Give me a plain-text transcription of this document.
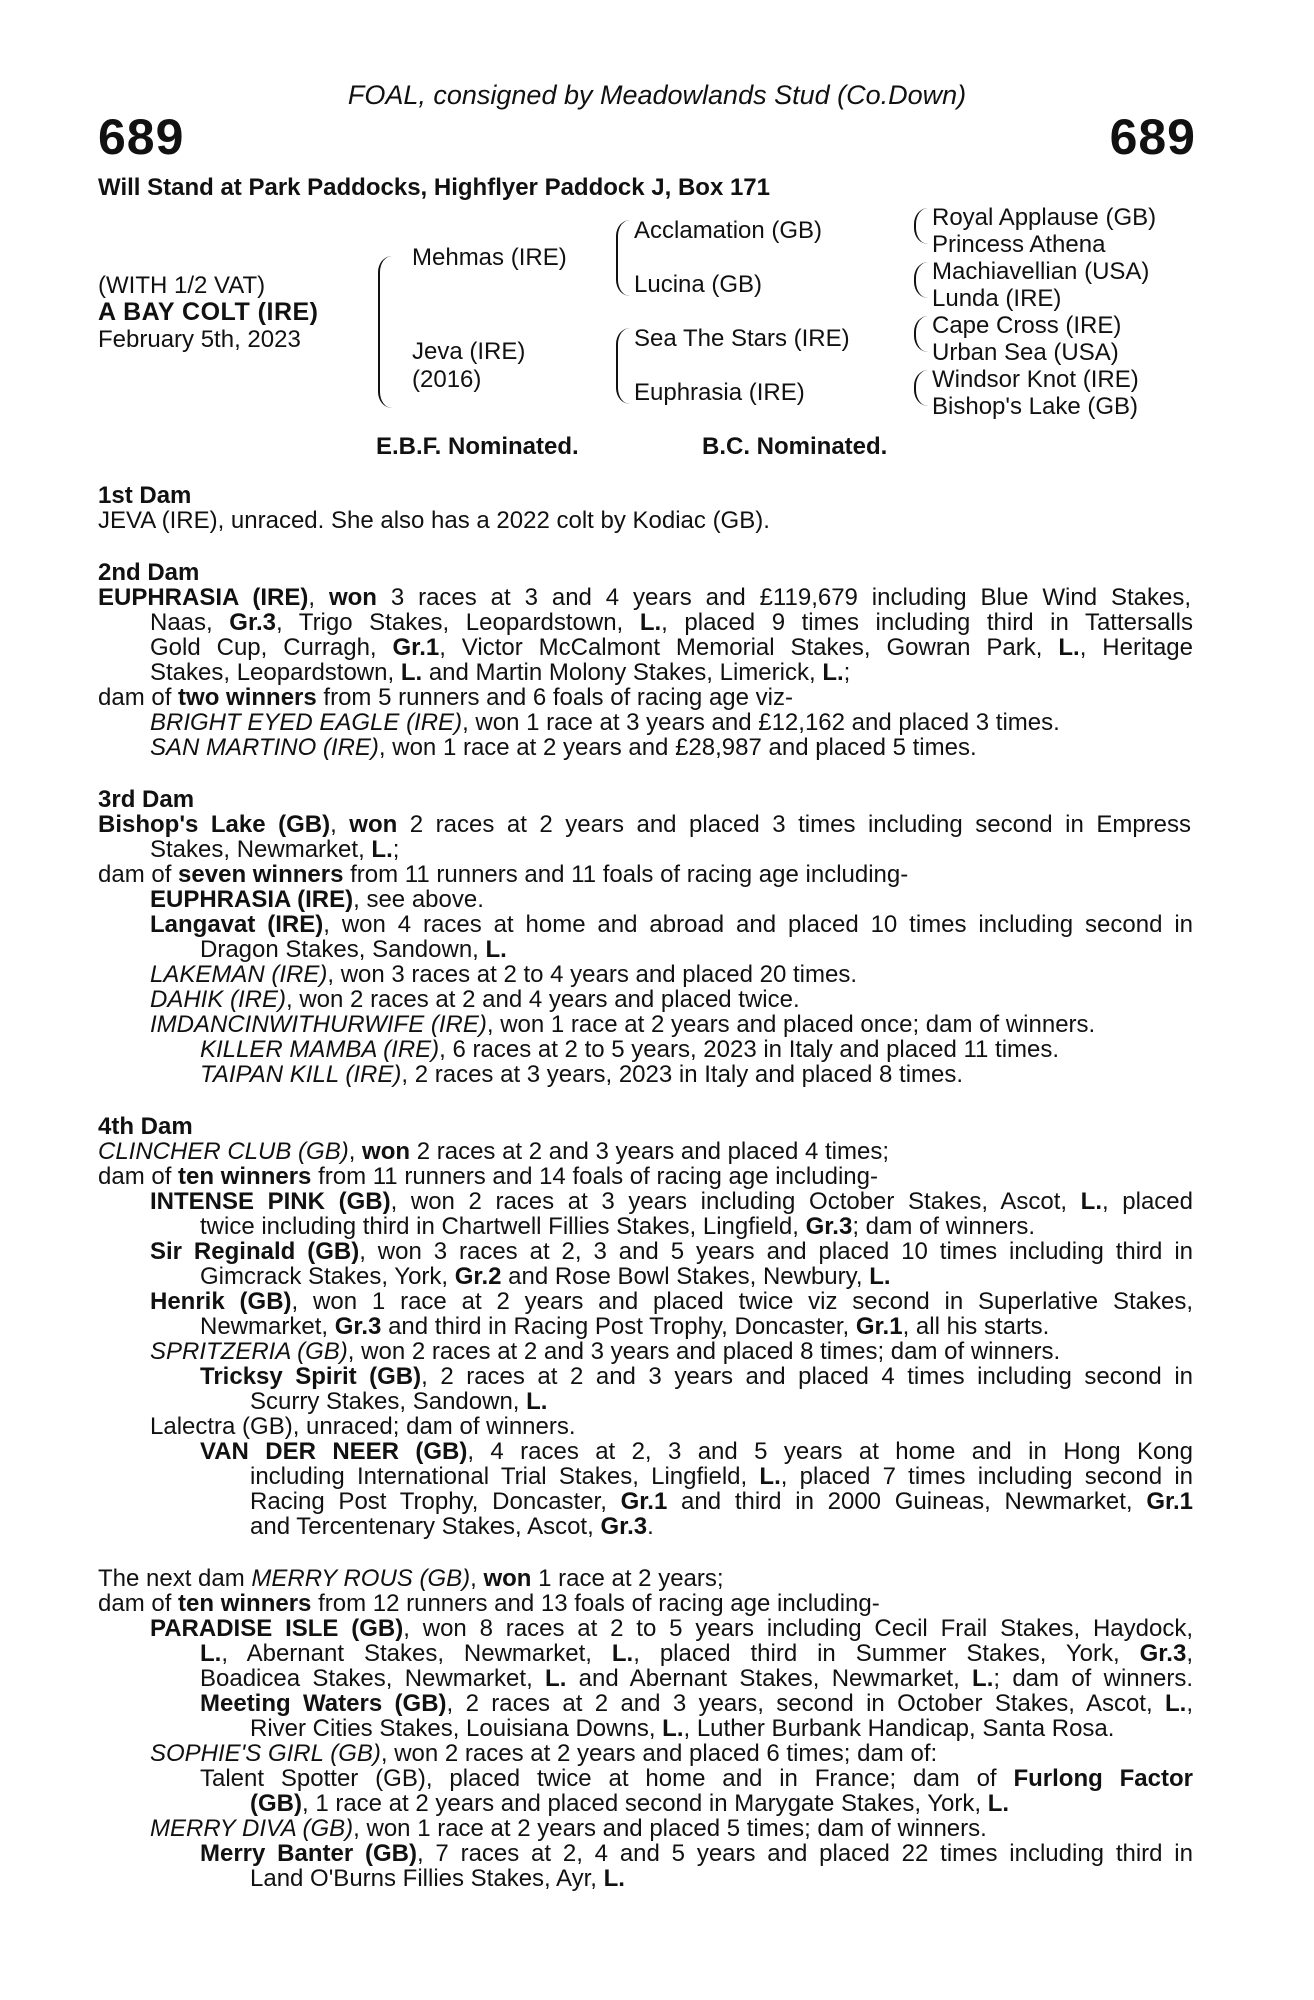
FOAL, consigned by Meadowlands Stud (Co.Down)
689	689
Will Stand at Park Paddocks, Highflyer Paddock J, Box 171
(WITH 1/2 VAT)
A BAY COLT (IRE)
February 5th, 2023
Mehmas (IRE)
Jeva (IRE)
(2016)
Acclamation (GB)
Lucina (GB)
Sea The Stars (IRE)
Euphrasia (IRE)
Royal Applause (GB)
Princess Athena
Machiavellian (USA)
Lunda (IRE)
Cape Cross (IRE)
Urban Sea (USA)
Windsor Knot (IRE)
Bishop's Lake (GB)
E.B.F. Nominated.	B.C. Nominated.
1st Dam
JEVA (IRE), unraced. She also has a 2022 colt by Kodiac (GB).
2nd Dam
EUPHRASIA (IRE), won 3 races at 3 and 4 years and £119,679 including Blue Wind Stakes,
Naas, Gr.3, Trigo Stakes, Leopardstown, L., placed 9 times including third in Tattersalls
Gold Cup, Curragh, Gr.1, Victor McCalmont Memorial Stakes, Gowran Park, L., Heritage
Stakes, Leopardstown, L. and Martin Molony Stakes, Limerick, L.;
dam of two winners from 5 runners and 6 foals of racing age viz-
BRIGHT EYED EAGLE (IRE), won 1 race at 3 years and £12,162 and placed 3 times.
SAN MARTINO (IRE), won 1 race at 2 years and £28,987 and placed 5 times.
3rd Dam
Bishop's Lake (GB), won 2 races at 2 years and placed 3 times including second in Empress
Stakes, Newmarket, L.;
dam of seven winners from 11 runners and 11 foals of racing age including-
EUPHRASIA (IRE), see above.
Langavat (IRE), won 4 races at home and abroad and placed 10 times including second in
Dragon Stakes, Sandown, L.
LAKEMAN (IRE), won 3 races at 2 to 4 years and placed 20 times.
DAHIK (IRE), won 2 races at 2 and 4 years and placed twice.
IMDANCINWITHURWIFE (IRE), won 1 race at 2 years and placed once; dam of winners.
KILLER MAMBA (IRE), 6 races at 2 to 5 years, 2023 in Italy and placed 11 times.
TAIPAN KILL (IRE), 2 races at 3 years, 2023 in Italy and placed 8 times.
4th Dam
CLINCHER CLUB (GB), won 2 races at 2 and 3 years and placed 4 times;
dam of ten winners from 11 runners and 14 foals of racing age including-
INTENSE PINK (GB), won 2 races at 3 years including October Stakes, Ascot, L., placed
twice including third in Chartwell Fillies Stakes, Lingfield, Gr.3; dam of winners.
Sir Reginald (GB), won 3 races at 2, 3 and 5 years and placed 10 times including third in
Gimcrack Stakes, York, Gr.2 and Rose Bowl Stakes, Newbury, L.
Henrik (GB), won 1 race at 2 years and placed twice viz second in Superlative Stakes,
Newmarket, Gr.3 and third in Racing Post Trophy, Doncaster, Gr.1, all his starts.
SPRITZERIA (GB), won 2 races at 2 and 3 years and placed 8 times; dam of winners.
Tricksy Spirit (GB), 2 races at 2 and 3 years and placed 4 times including second in
Scurry Stakes, Sandown, L.
Lalectra (GB), unraced; dam of winners.
VAN DER NEER (GB), 4 races at 2, 3 and 5 years at home and in Hong Kong
including International Trial Stakes, Lingfield, L., placed 7 times including second in
Racing Post Trophy, Doncaster, Gr.1 and third in 2000 Guineas, Newmarket, Gr.1
and Tercentenary Stakes, Ascot, Gr.3.
The next dam MERRY ROUS (GB), won 1 race at 2 years;
dam of ten winners from 12 runners and 13 foals of racing age including-
PARADISE ISLE (GB), won 8 races at 2 to 5 years including Cecil Frail Stakes, Haydock,
L., Abernant Stakes, Newmarket, L., placed third in Summer Stakes, York, Gr.3,
Boadicea Stakes, Newmarket, L. and Abernant Stakes, Newmarket, L.; dam of winners.
Meeting Waters (GB), 2 races at 2 and 3 years, second in October Stakes, Ascot, L.,
River Cities Stakes, Louisiana Downs, L., Luther Burbank Handicap, Santa Rosa.
SOPHIE'S GIRL (GB), won 2 races at 2 years and placed 6 times; dam of:
Talent Spotter (GB), placed twice at home and in France; dam of Furlong Factor
(GB), 1 race at 2 years and placed second in Marygate Stakes, York, L.
MERRY DIVA (GB), won 1 race at 2 years and placed 5 times; dam of winners.
Merry Banter (GB), 7 races at 2, 4 and 5 years and placed 22 times including third in
Land O'Burns Fillies Stakes, Ayr, L.
